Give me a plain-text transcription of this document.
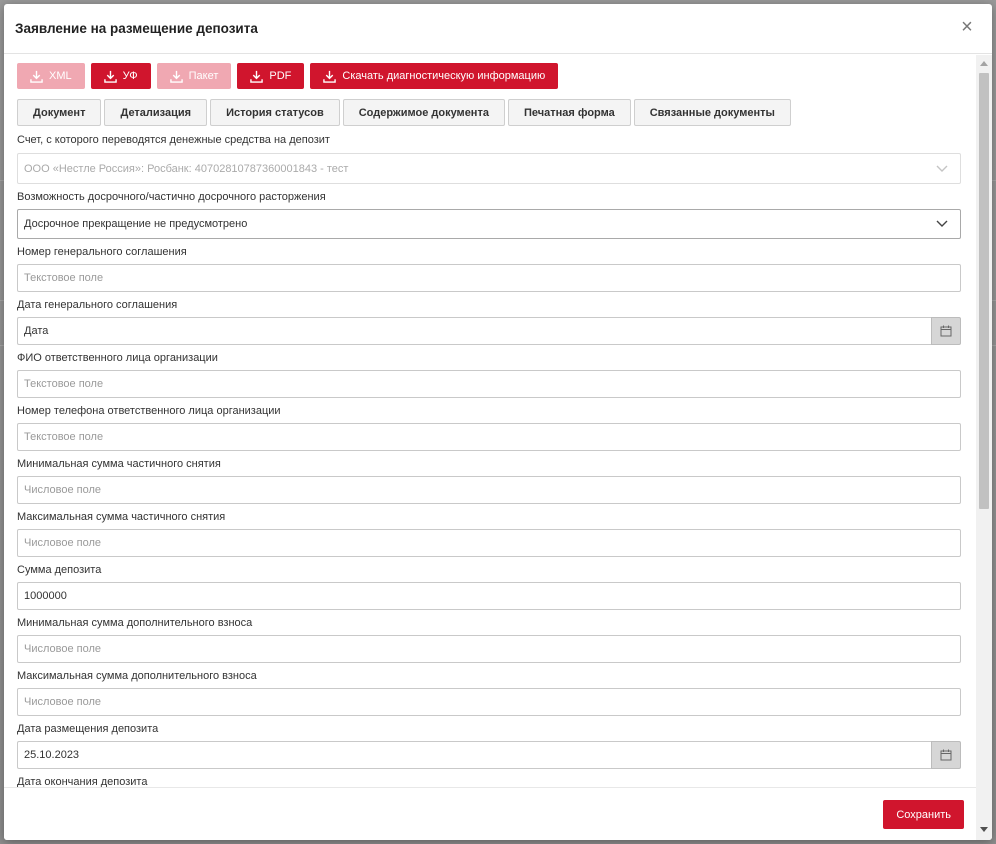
Заявление на размещение депозита	×
XML	УФ	Пакет	PDF	Скачать диагностическую информацию
Документ	Детализация	История статусов	Содержимое документа	Печатная форма	Связанные документы
Счет, с которого переводятся денежные средства на депозит
ООО «Нестле Россия»: Росбанк: 40702810787360001843 - тест
Возможность досрочного/частично досрочного расторжения
Досрочное прекращение не предусмотрено
Номер генерального соглашения
Текстовое поле
Дата генерального соглашения
Дата
ФИО ответственного лица организации
Текстовое поле
Номер телефона ответственного лица организации
Текстовое поле
Минимальная сумма частичного снятия
Числовое поле
Максимальная сумма частичного снятия
Числовое поле
Сумма депозита
1000000
Минимальная сумма дополнительного взноса
Числовое поле
Максимальная сумма дополнительного взноса
Числовое поле
Дата размещения депозита
25.10.2023
Дата окончания депозита
Сохранить
